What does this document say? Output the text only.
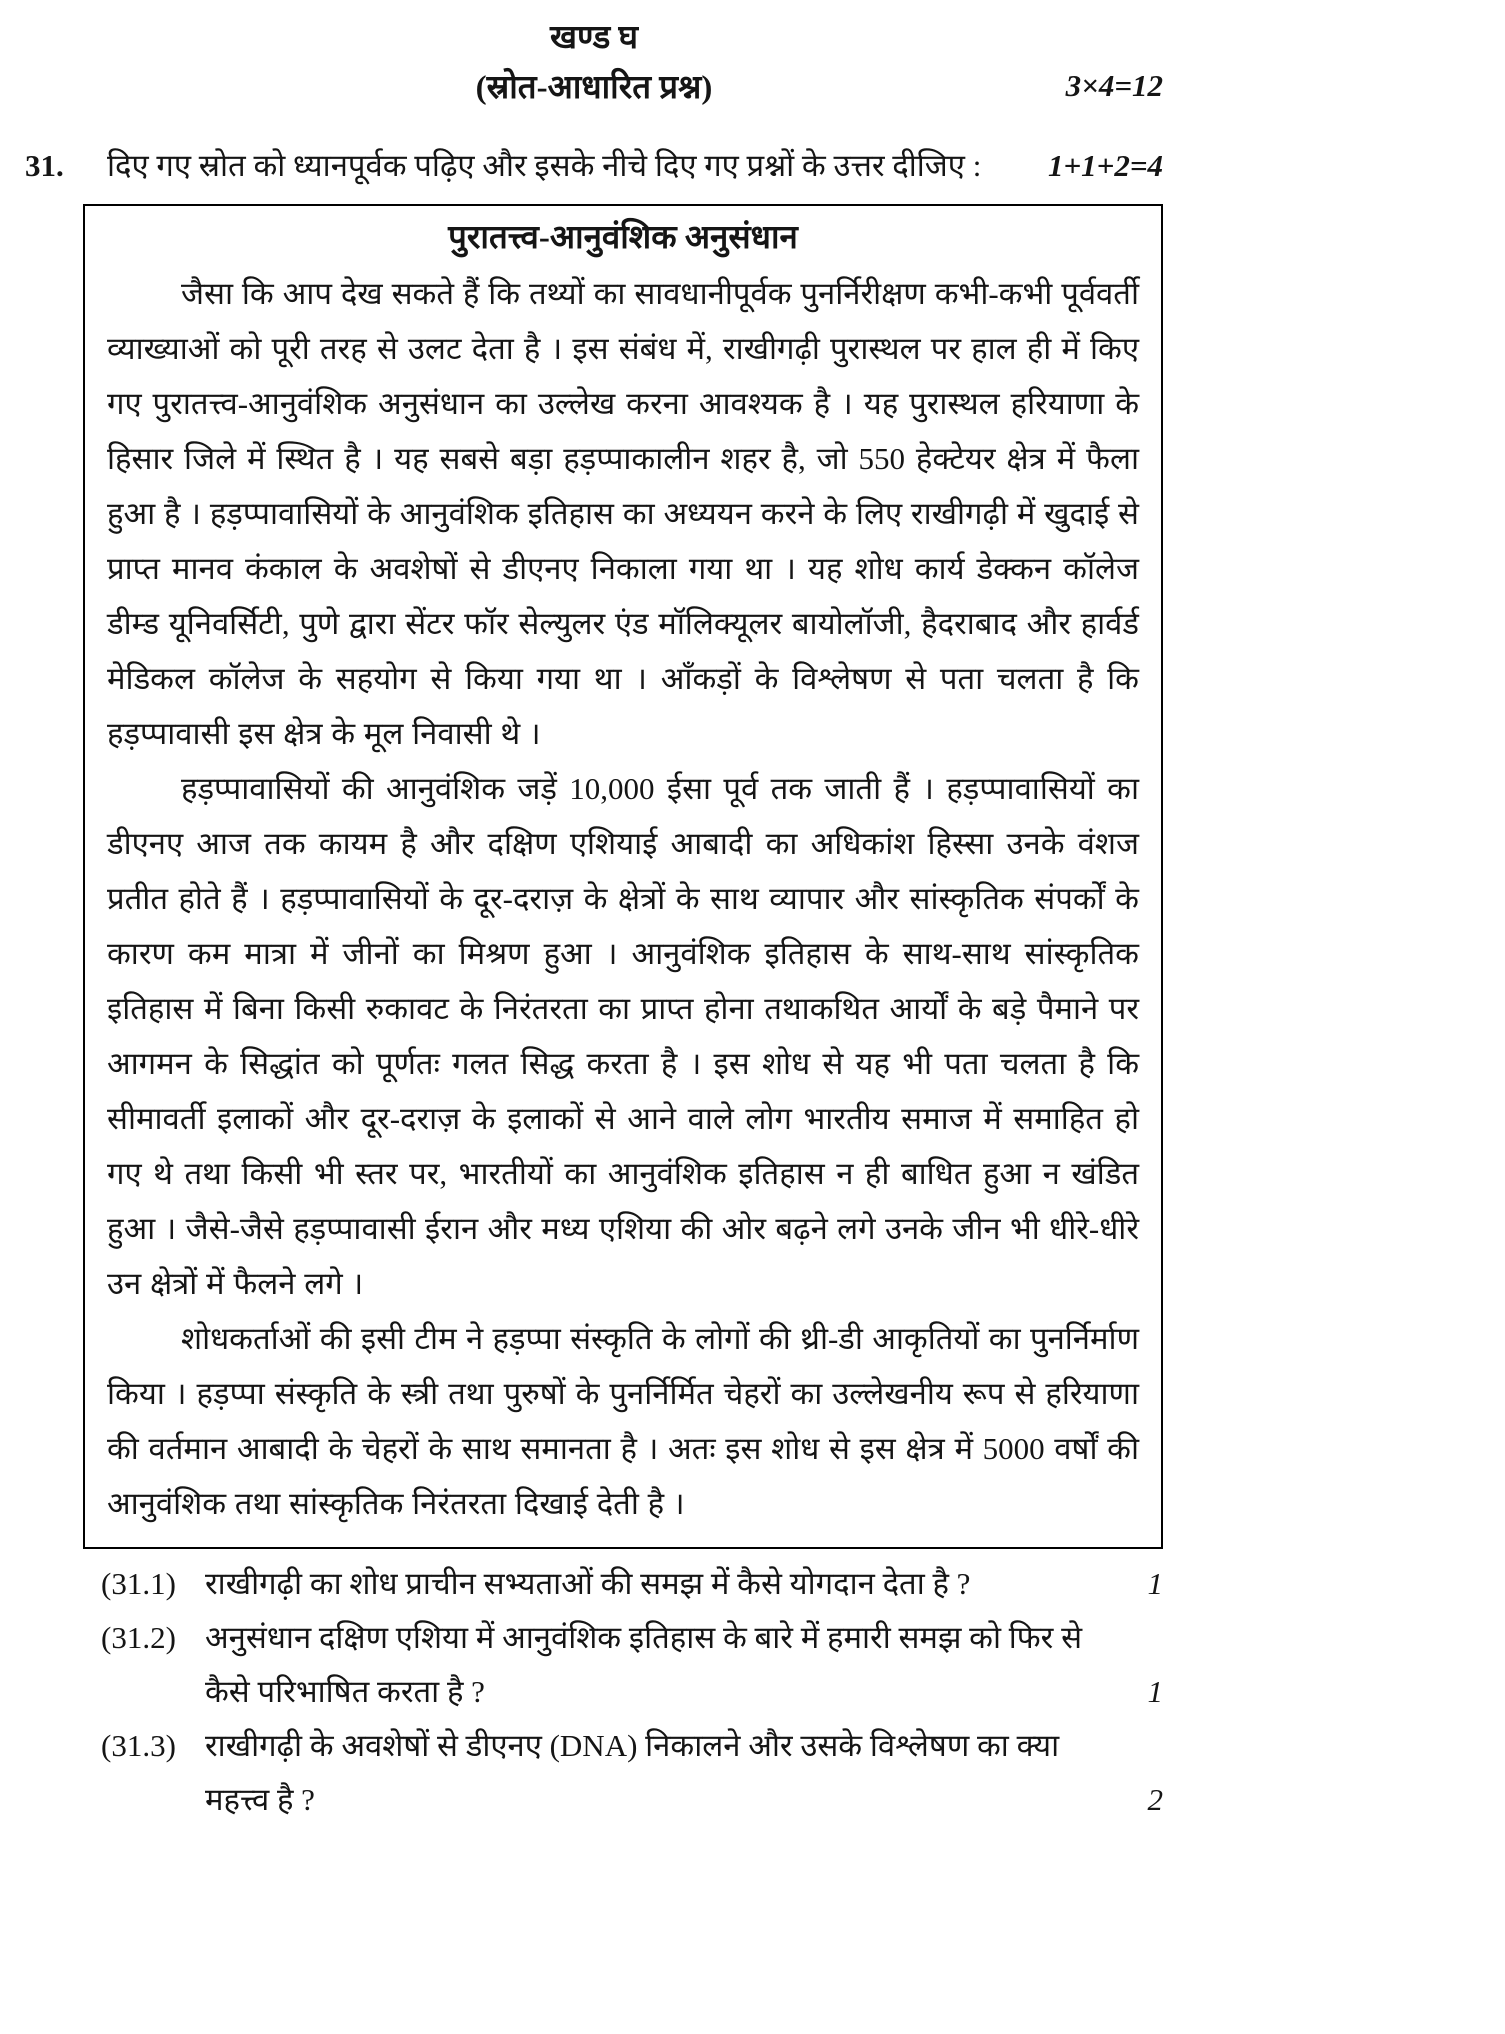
खण्ड घ
(स्रोत-आधारित प्रश्न)	3×4=12
31.	दिए गए स्रोत को ध्यानपूर्वक पढ़िए और इसके नीचे दिए गए प्रश्नों के उत्तर दीजिए :	1+1+2=4
पुरातत्त्व-आनुवंशिक अनुसंधान

जैसा कि आप देख सकते हैं कि तथ्यों का सावधानीपूर्वक पुनर्निरीक्षण कभी-कभी पूर्ववर्ती व्याख्याओं को पूरी तरह से उलट देता है । इस संबंध में, राखीगढ़ी पुरास्थल पर हाल ही में किए गए पुरातत्त्व-आनुवंशिक अनुसंधान का उल्लेख करना आवश्यक है । यह पुरास्थल हरियाणा के हिसार जिले में स्थित है । यह सबसे बड़ा हड़प्पाकालीन शहर है, जो 550 हेक्टेयर क्षेत्र में फैला हुआ है । हड़प्पावासियों के आनुवंशिक इतिहास का अध्ययन करने के लिए राखीगढ़ी में खुदाई से प्राप्त मानव कंकाल के अवशेषों से डीएनए निकाला गया था । यह शोध कार्य डेक्कन कॉलेज डीम्ड यूनिवर्सिटी, पुणे द्वारा सेंटर फॉर सेल्युलर एंड मॉलिक्यूलर बायोलॉजी, हैदराबाद और हार्वर्ड मेडिकल कॉलेज के सहयोग से किया गया था । आँकड़ों के विश्लेषण से पता चलता है कि हड़प्पावासी इस क्षेत्र के मूल निवासी थे ।

हड़प्पावासियों की आनुवंशिक जड़ें 10,000 ईसा पूर्व तक जाती हैं । हड़प्पावासियों का डीएनए आज तक कायम है और दक्षिण एशियाई आबादी का अधिकांश हिस्सा उनके वंशज प्रतीत होते हैं । हड़प्पावासियों के दूर-दराज़ के क्षेत्रों के साथ व्यापार और सांस्कृतिक संपर्कों के कारण कम मात्रा में जीनों का मिश्रण हुआ । आनुवंशिक इतिहास के साथ-साथ सांस्कृतिक इतिहास में बिना किसी रुकावट के निरंतरता का प्राप्त होना तथाकथित आर्यों के बड़े पैमाने पर आगमन के सिद्धांत को पूर्णतः गलत सिद्ध करता है । इस शोध से यह भी पता चलता है कि सीमावर्ती इलाकों और दूर-दराज़ के इलाकों से आने वाले लोग भारतीय समाज में समाहित हो गए थे तथा किसी भी स्तर पर, भारतीयों का आनुवंशिक इतिहास न ही बाधित हुआ न खंडित हुआ । जैसे-जैसे हड़प्पावासी ईरान और मध्य एशिया की ओर बढ़ने लगे उनके जीन भी धीरे-धीरे उन क्षेत्रों में फैलने लगे ।

शोधकर्ताओं की इसी टीम ने हड़प्पा संस्कृति के लोगों की थ्री-डी आकृतियों का पुनर्निर्माण किया । हड़प्पा संस्कृति के स्त्री तथा पुरुषों के पुनर्निर्मित चेहरों का उल्लेखनीय रूप से हरियाणा की वर्तमान आबादी के चेहरों के साथ समानता है । अतः इस शोध से इस क्षेत्र में 5000 वर्षों की आनुवंशिक तथा सांस्कृतिक निरंतरता दिखाई देती है ।

(31.1) राखीगढ़ी का शोध प्राचीन सभ्यताओं की समझ में कैसे योगदान देता है ?	1
(31.2) अनुसंधान दक्षिण एशिया में आनुवंशिक इतिहास के बारे में हमारी समझ को फिर से कैसे परिभाषित करता है ?	1
(31.3) राखीगढ़ी के अवशेषों से डीएनए (DNA) निकालने और उसके विश्लेषण का क्या महत्त्व है ?	2
